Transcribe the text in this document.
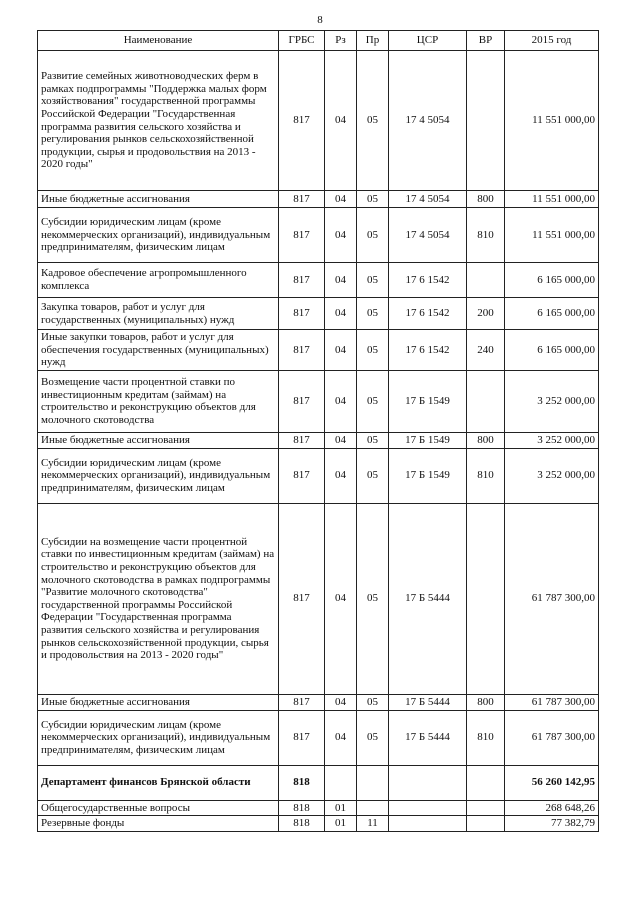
8
Наименование	ГРБС	Рз	Пр	ЦСР	ВР	2015 год
Развитие семейных животноводческих ферм в рамках подпрограммы "Поддержка малых форм хозяйствования" государственной программы Российской Федерации "Государственная программа развития сельского хозяйства и регулирования рынков сельскохозяйственной продукции, сырья и продовольствия на 2013 - 2020 годы"	817	04	05	17 4 5054		11 551 000,00
Иные бюджетные ассигнования	817	04	05	17 4 5054	800	11 551 000,00
Субсидии юридическим лицам (кроме некоммерческих организаций), индивидуальным предпринимателям, физическим лицам	817	04	05	17 4 5054	810	11 551 000,00
Кадровое обеспечение агропромышленного комплекса	817	04	05	17 6 1542		6 165 000,00
Закупка товаров, работ и услуг для государственных (муниципальных) нужд	817	04	05	17 6 1542	200	6 165 000,00
Иные закупки товаров, работ и услуг для обеспечения государственных (муниципальных) нужд	817	04	05	17 6 1542	240	6 165 000,00
Возмещение части процентной ставки по инвестиционным кредитам (займам) на строительство и реконструкцию объектов для молочного скотоводства	817	04	05	17 Б 1549		3 252 000,00
Иные бюджетные ассигнования	817	04	05	17 Б 1549	800	3 252 000,00
Субсидии юридическим лицам (кроме некоммерческих организаций), индивидуальным предпринимателям, физическим лицам	817	04	05	17 Б 1549	810	3 252 000,00
Субсидии на возмещение части процентной ставки по инвестиционным кредитам (займам) на строительство и реконструкцию объектов для молочного скотоводства в рамках подпрограммы "Развитие молочного скотоводства" государственной программы Российской Федерации "Государственная программа развития сельского хозяйства и регулирования рынков сельскохозяйственной продукции, сырья и продовольствия на 2013 - 2020 годы"	817	04	05	17 Б 5444		61 787 300,00
Иные бюджетные ассигнования	817	04	05	17 Б 5444	800	61 787 300,00
Субсидии юридическим лицам (кроме некоммерческих организаций), индивидуальным предпринимателям, физическим лицам	817	04	05	17 Б 5444	810	61 787 300,00
Департамент финансов Брянской области	818					56 260 142,95
Общегосударственные вопросы	818	01				268 648,26
Резервные фонды	818	01	11			77 382,79
